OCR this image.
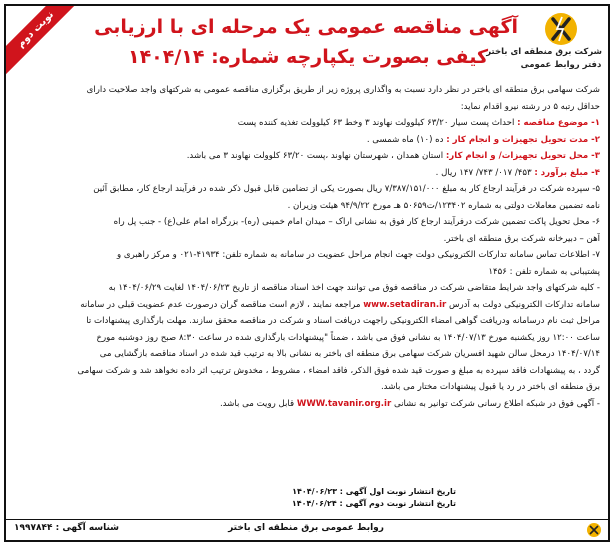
نوبت دوم
شرکت برق منطقه ای باختر
دفتر روابط عمومی
آگهی مناقصه عمومی یک مرحله ای با ارزیابی
کیفی بصورت یکپارچه شماره: ۱۴۰۴/۱۴
شرکت سهامی برق منطقه ای باختر در نظر دارد نسبت به واگذاری پروژه زیر از طریق برگزاری مناقصه عمومی به شرکتهای واجد صلاحیت دارای
حداقل رتبه ۵ در رشته نیرو اقدام نماید:
۱- موضوع مناقصه : احداث پست سیار ۶۳/۲۰ کیلوولت نهاوند ۳ وخط ۶۳ کیلوولت تغذیه کننده پست
۲- مدت تحویل تجهیزات و انجام کار : ده (۱۰) ماه شمسی .
۳- محل تحویل تجهیزات/ و انجام کار: استان همدان ، شهرستان نهاوند ،پست ۶۳/۲۰ کلوولت نهاوند ۳ می باشد.
۴- مبلغ برآورد : ۴۵۳/ ۰۱۷/ ۷۴۳/ ۱۴۷ ریال .
۵- سپرده شرکت در فرآیند ارجاع کار به مبلغ ۷/۳۸۷/۱۵۱/۰۰۰ ریال بصورت یکی از تضامین قابل قبول ذکر شده در فرآیند ارجاع کار، مطابق آئین
نامه تضمین معاملات دولتی به شماره ۱۲۳۴۰۲/ت۵۰۶۵۹ هـ مورخ ۹۴/۹/۲۲ هیئت وزیران .
۶- محل تحویل پاکت تضمین شرکت درفرآیند ارجاع کار فوق به نشانی اراک – میدان امام خمینی (ره)- بزرگراه امام علی(ع) - جنب پل راه
آهن – دبیرخانه شرکت برق منطقه ای باختر.
۷- اطلاعات تماس سامانه تدارکات الکترونیکی دولت جهت انجام مراحل عضویت در سامانه به شماره تلفن: ۴۱۹۳۴-۰۲۱ و مرکز راهبری و
پشتیبانی به شماره تلفن : ۱۴۵۶
- کلیه شرکتهای واجد شرایط متقاضی شرکت در مناقصه فوق می توانند جهت اخذ اسناد مناقصه از تاریخ ۱۴۰۴/۰۶/۲۳ لغایت ۱۴۰۴/۰۶/۲۹ به
سامانه تدارکات الکترونیکی دولت به آدرس www.setadiran.ir مراجعه نمایند ، لازم است مناقصه گران درصورت عدم عضویت قبلی در سامانه
مراحل ثبت نام درسامانه ودریافت گواهی امضاء الکترونیکی راجهت دریافت اسناد و شرکت در مناقصه محقق سازند. مهلت بارگذاری پیشنهادات تا
ساعت ۱۲:۰۰ روز یکشنبه مورخ ۱۴۰۴/۰۷/۱۳ به نشانی فوق می باشد ، ضمناً "پیشنهادات بارگذاری شده در ساعت ۸:۳۰ صبح روز دوشنبه مورخ
۱۴۰۴/۰۷/۱۴ درمحل سالن شهید افسریان شرکت سهامی برق منطقه ای باختر به نشانی بالا به ترتیب قید شده در اسناد مناقصه بازگشایی می
گردد ، به پیشنهادات فاقد سپرده به مبلغ و صورت قید شده فوق الذکر، فاقد امضاء ، مشروط ، مخدوش ترتیب اثر داده نخواهد شد و شرکت سهامی
برق منطقه ای باختر در رد یا قبول پیشنهادات مختار می باشد.
- آگهی فوق در شبکه اطلاع رسانی شرکت توانیر به نشانی WWW.tavanir.org.ir قابل رویت می باشد.
تاریخ انتشار نوبت اول آگهی : ۱۴۰۴/۰۶/۲۳
تاریخ انتشار نوبت دوم آگهی : ۱۴۰۴/۰۶/۲۴
شناسه آگهی : ۱۹۹۷۸۴۴	روابط عمومی برق منطقه ای باختر
